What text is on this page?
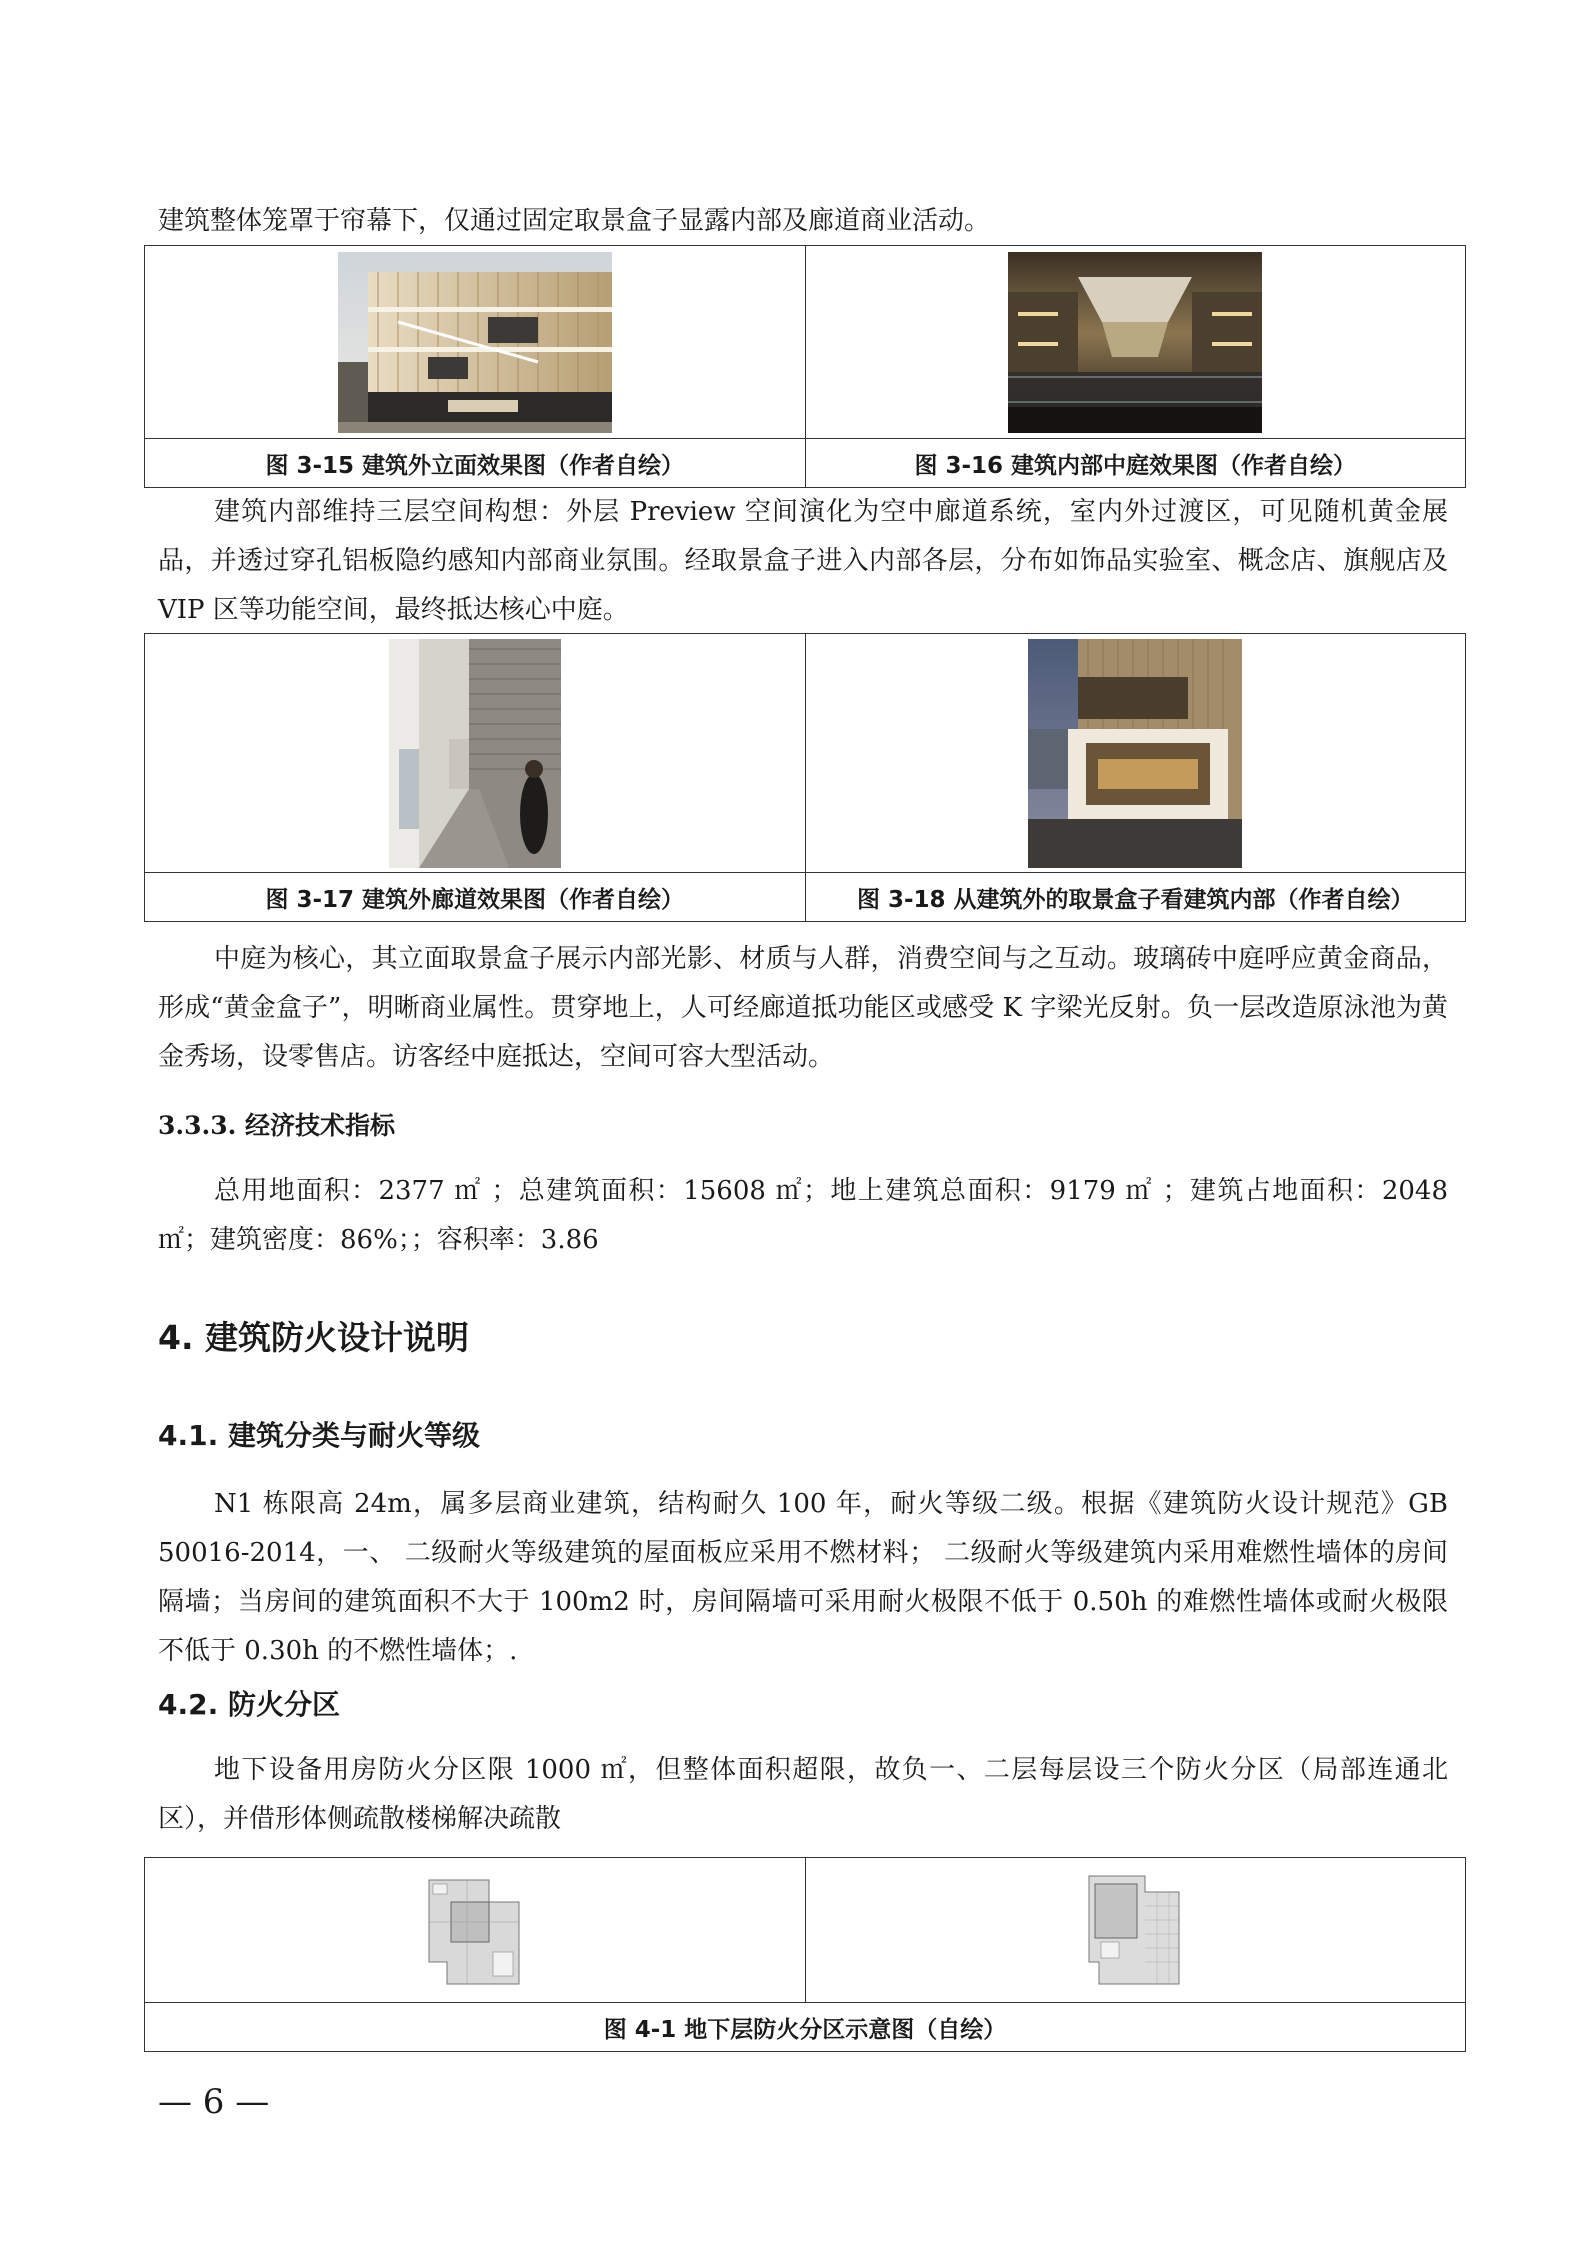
建筑整体笼罩于帘幕下，仅通过固定取景盒子显露内部及廊道商业活动。

图 3-15 建筑外立面效果图（作者自绘）	图 3-16 建筑内部中庭效果图（作者自绘）

建筑内部维持三层空间构想：外层 Preview 空间演化为空中廊道系统，室内外过渡区，可见随机黄金展品，并透过穿孔铝板隐约感知内部商业氛围。经取景盒子进入内部各层，分布如饰品实验室、概念店、旗舰店及 VIP 区等功能空间，最终抵达核心中庭。

图 3-17 建筑外廊道效果图（作者自绘）	图 3-18 从建筑外的取景盒子看建筑内部（作者自绘）

中庭为核心，其立面取景盒子展示内部光影、材质与人群，消费空间与之互动。玻璃砖中庭呼应黄金商品，形成“黄金盒子”，明晰商业属性。贯穿地上，人可经廊道抵功能区或感受 K 字梁光反射。负一层改造原泳池为黄金秀场，设零售店。访客经中庭抵达，空间可容大型活动。

3.3.3. 经济技术指标

总用地面积：2377 ㎡ ；总建筑面积：15608 ㎡；地上建筑总面积：9179 ㎡ ；建筑占地面积：2048 ㎡；建筑密度：86%；；容积率：3.86

4. 建筑防火设计说明
4.1. 建筑分类与耐火等级

N1 栋限高 24m，属多层商业建筑，结构耐久 100 年，耐火等级二级。根据《建筑防火设计规范》GB 50016-2014，一、 二级耐火等级建筑的屋面板应采用不燃材料； 二级耐火等级建筑内采用难燃性墙体的房间隔墙；当房间的建筑面积不大于 100m2 时，房间隔墙可采用耐火极限不低于 0.50h 的难燃性墙体或耐火极限不低于 0.30h 的不燃性墙体；.

4.2. 防火分区

地下设备用房防火分区限 1000 ㎡，但整体面积超限，故负一、二层每层设三个防火分区（局部连通北区），并借形体侧疏散楼梯解决疏散

图 4-1 地下层防火分区示意图（自绘）
— 6 —
